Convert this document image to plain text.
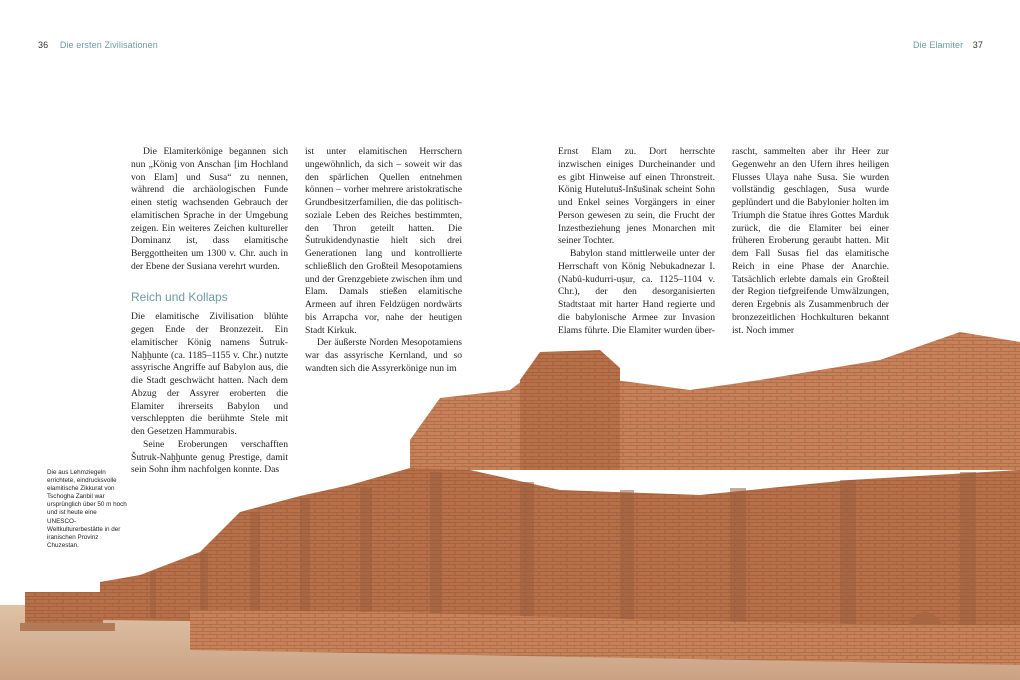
36 Die ersten Zivilisationen	Die Elamiter 37

Die Elamiterkönige begannen sich nun „König von Anschan [im Hochland von Elam] und Susa“ zu nennen, während die archäologischen Funde einen stetig wachsenden Gebrauch der elamitischen Sprache in der Umgebung zeigen. Ein weiteres Zeichen kultureller Dominanz ist, dass elamitische Berggottheiten um 1300 v. Chr. auch in der Ebene der Susiana verehrt wurden.

Reich und Kollaps

Die elamitische Zivilisation blühte gegen Ende der Bronzezeit. Ein elamitischer König namens Šutruk-Naḫḫunte (ca. 1185–1155 v. Chr.) nutzte assyrische Angriffe auf Babylon aus, die die Stadt geschwächt hatten. Nach dem Abzug der Assyrer eroberten die Elamiter ihrerseits Babylon und verschleppten die berühmte Stele mit den Gesetzen Hammurabis.

Seine Eroberungen verschafften Šutruk-Naḫḫunte genug Prestige, damit sein Sohn ihm nachfolgen konnte. Das

ist unter elamitischen Herrschern ungewöhnlich, da sich – soweit wir das den spärlichen Quellen entnehmen können – vorher mehrere aristokratische Grundbesitzerfamilien, die das politisch-soziale Leben des Reiches bestimmten, den Thron geteilt hatten. Die Šutrukidendynastie hielt sich drei Generationen lang und kontrollierte schließlich den Großteil Mesopotamiens und der Grenzgebiete zwischen ihm und Elam. Damals stießen elamitische Armeen auf ihren Feldzügen nordwärts bis Arrapcha vor, nahe der heutigen Stadt Kirkuk.

Der äußerste Norden Mesopotamiens war das assyrische Kernland, und so wandten sich die Assyrerkönige nun im

Ernst Elam zu. Dort herrschte inzwischen einiges Durcheinander und es gibt Hinweise auf einen Thronstreit. König Hutelutuš-Inšušinak scheint Sohn und Enkel seines Vorgängers in einer Person gewesen zu sein, die Frucht der Inzestbeziehung jenes Monarchen mit seiner Tochter.

Babylon stand mittlerweile unter der Herrschaft von König Nebukadnezar I. (Nabû-kudurri-uṣur, ca. 1125–1104 v. Chr.), der den desorganisierten Stadtstaat mit harter Hand regierte und die babylonische Armee zur Invasion Elams führte. Die Elamiter wurden über-

rascht, sammelten aber ihr Heer zur Gegenwehr an den Ufern ihres heiligen Flusses Ulaya nahe Susa. Sie wurden vollständig geschlagen, Susa wurde geplündert und die Babylonier holten im Triumph die Statue ihres Gottes Marduk zurück, die die Elamiter bei einer früheren Eroberung geraubt hatten. Mit dem Fall Susas fiel das elamitische Reich in eine Phase der Anarchie. Tatsächlich erlebte damals ein Großteil der Region tiefgreifende Umwälzungen, deren Ergebnis als Zusammenbruch der bronzezeitlichen Hochkulturen bekannt ist. Noch immer

Die aus Lehmziegeln errichtete, eindrucksvolle elamitische Zikkurat von Tschogha Zanbil war ursprünglich über 50 m hoch und ist heute eine UNESCO-Weltkulturerbestätte in der iranischen Provinz Chuzestan.
